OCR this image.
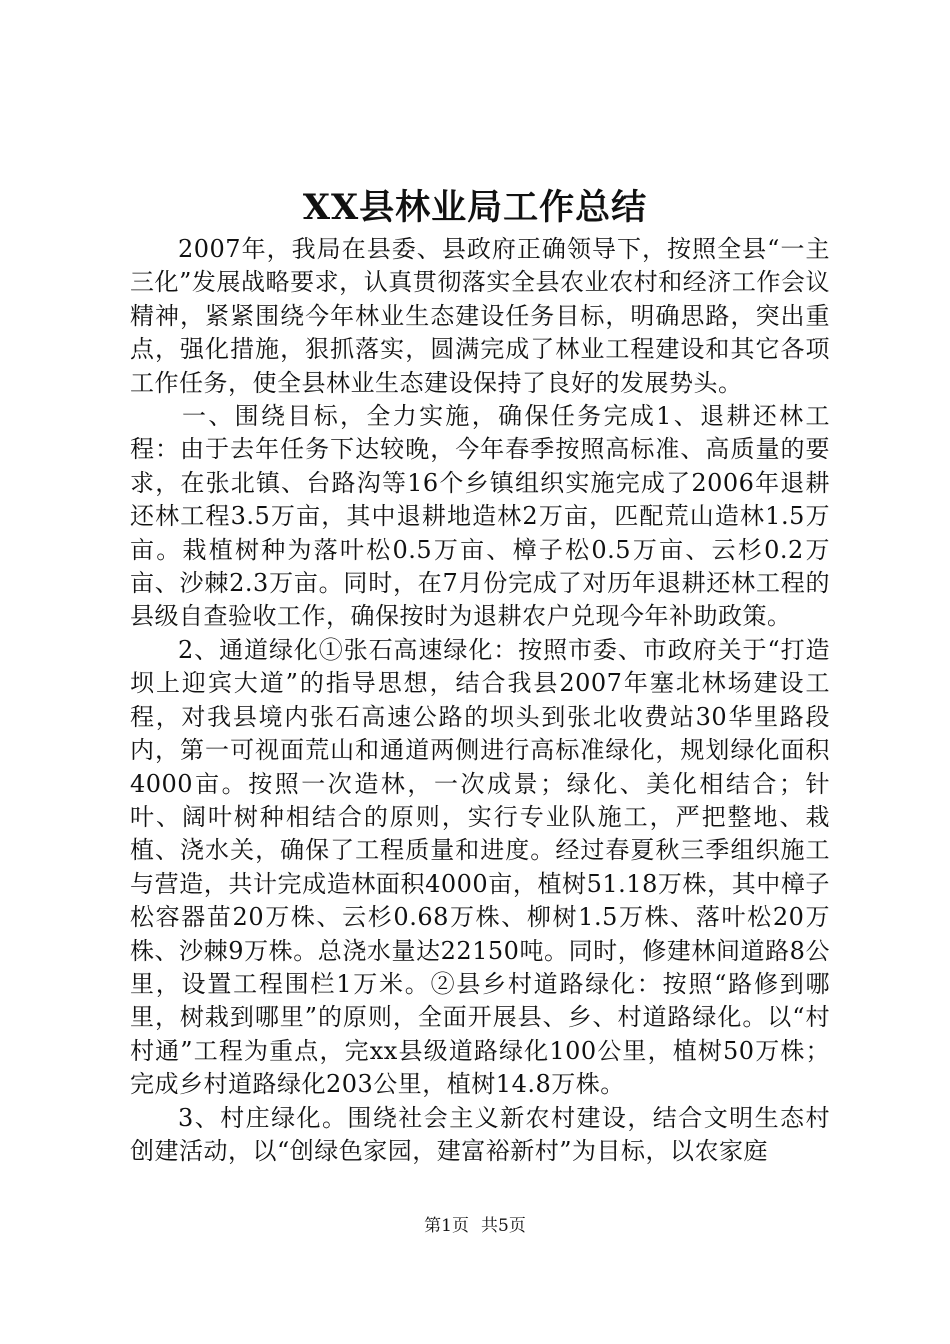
XX县林业局工作总结

2007年，我局在县委、县政府正确领导下，按照全县“一主三化”发展战略要求，认真贯彻落实全县农业农村和经济工作会议精神，紧紧围绕今年林业生态建设任务目标，明确思路，突出重点，强化措施，狠抓落实，圆满完成了林业工程建设和其它各项工作任务，使全县林业生态建设保持了良好的发展势头。

一、围绕目标，全力实施，确保任务完成1、退耕还林工程：由于去年任务下达较晚，今年春季按照高标准、高质量的要求，在张北镇、台路沟等16个乡镇组织实施完成了2006年退耕还林工程3.5万亩，其中退耕地造林2万亩，匹配荒山造林1.5万亩。栽植树种为落叶松0.5万亩、樟子松0.5万亩、云杉0.2万亩、沙棘2.3万亩。同时，在7月份完成了对历年退耕还林工程的县级自查验收工作，确保按时为退耕农户兑现今年补助政策。

2、通道绿化①张石高速绿化：按照市委、市政府关于“打造坝上迎宾大道”的指导思想，结合我县2007年塞北林场建设工程，对我县境内张石高速公路的坝头到张北收费站30华里路段内，第一可视面荒山和通道两侧进行高标准绿化，规划绿化面积4000亩。按照一次造林，一次成景；绿化、美化相结合；针叶、阔叶树种相结合的原则，实行专业队施工，严把整地、栽植、浇水关，确保了工程质量和进度。经过春夏秋三季组织施工与营造，共计完成造林面积4000亩，植树51.18万株，其中樟子松容器苗20万株、云杉0.68万株、柳树1.5万株、落叶松20万株、沙棘9万株。总浇水量达22150吨。同时，修建林间道路8公里，设置工程围栏1万米。②县乡村道路绿化：按照“路修到哪里，树栽到哪里”的原则，全面开展县、乡、村道路绿化。以“村村通”工程为重点，完xx县级道路绿化100公里，植树50万株；完成乡村道路绿化203公里，植树14.8万株。

3、村庄绿化。围绕社会主义新农村建设，结合文明生态村创建活动，以“创绿色家园，建富裕新村”为目标，以农家庭

第1页 共5页
